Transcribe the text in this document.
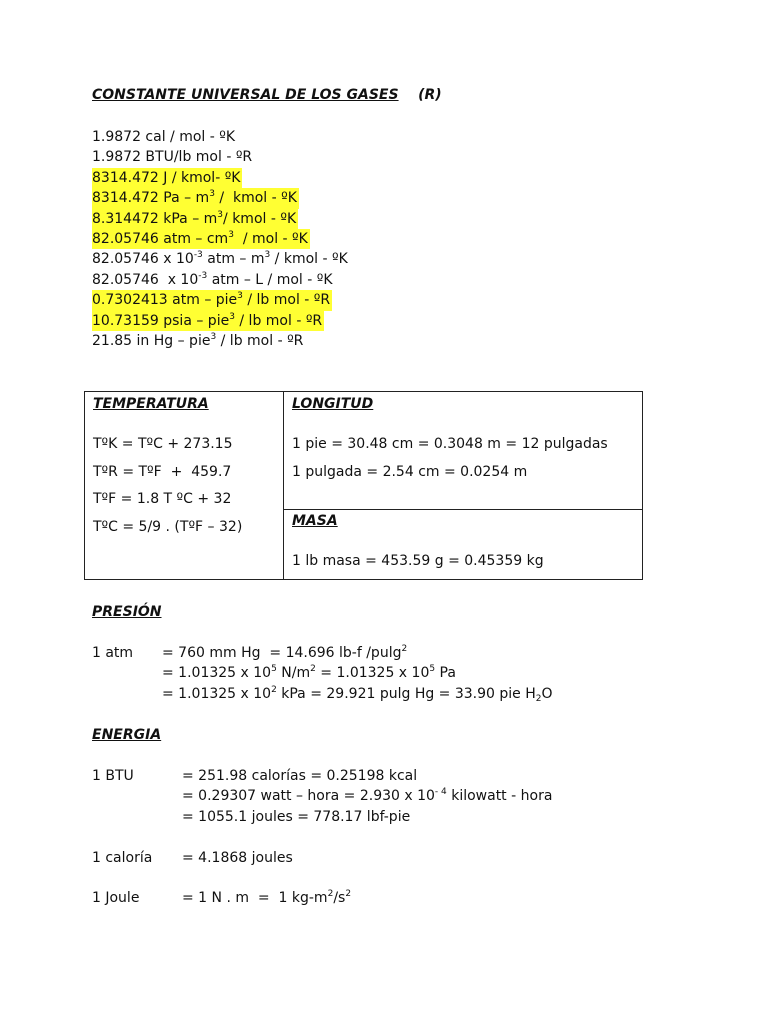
CONSTANTE UNIVERSAL DE LOS GASES (R)
1.9872 cal / mol - ºK
1.9872 BTU/lb mol - ºR
8314.472 J / kmol- ºK
8314.472 Pa – $m^3$ /  kmol - ºK
8.314472 kPa – $m^3/$ kmol - ºK
82.05746 atm – $cm^3$  / mol - ºK
82.05746 x $10^{-3}$ atm – $m^3$ / kmol - ºK
82.05746  x $10^{-3}$ atm – L / mol - ºK
0.7302413 atm – pie$^3$ / lb mol - ºR
10.73159 psia – pie$^3$ / lb mol - ºR
21.85 in Hg – pie$^3$ / lb mol - ºR
TEMPERATURA
TºK = TºC + 273.15
TºR = TºF  +  459.7
TºF = 1.8 T ºC + 32
TºC = 5/9 . (TºF – 32)
LONGITUD
1 pie = 30.48 cm = 0.3048 m = 12 pulgadas
1 pulgada = 2.54 cm = 0.0254 m
MASA
1 lb masa = 453.59 g = 0.45359 kg
PRESIÓN
1 atm = 760 mm Hg  = 14.696 lb-f /pulg$^2$
= 1.01325 x $10^5$ $N/m^2 = 1.01325$ x $10^5$ Pa
= 1.01325 x $10^2$ kPa = 29.921 pulg Hg = 33.90 pie $H_2O$
ENERGIA
1 BTU	= 251.98 calorías = 0.25198 kcal
= 0.29307 watt – hora = 2.930 x $10^{- 4}$ kilowatt - hora
= 1055.1 joules = 778.17 lbf-pie
1 caloría = 4.1868 joules
1 Joule	= 1 N . m  =  1 $kg-m^2/s^2$
